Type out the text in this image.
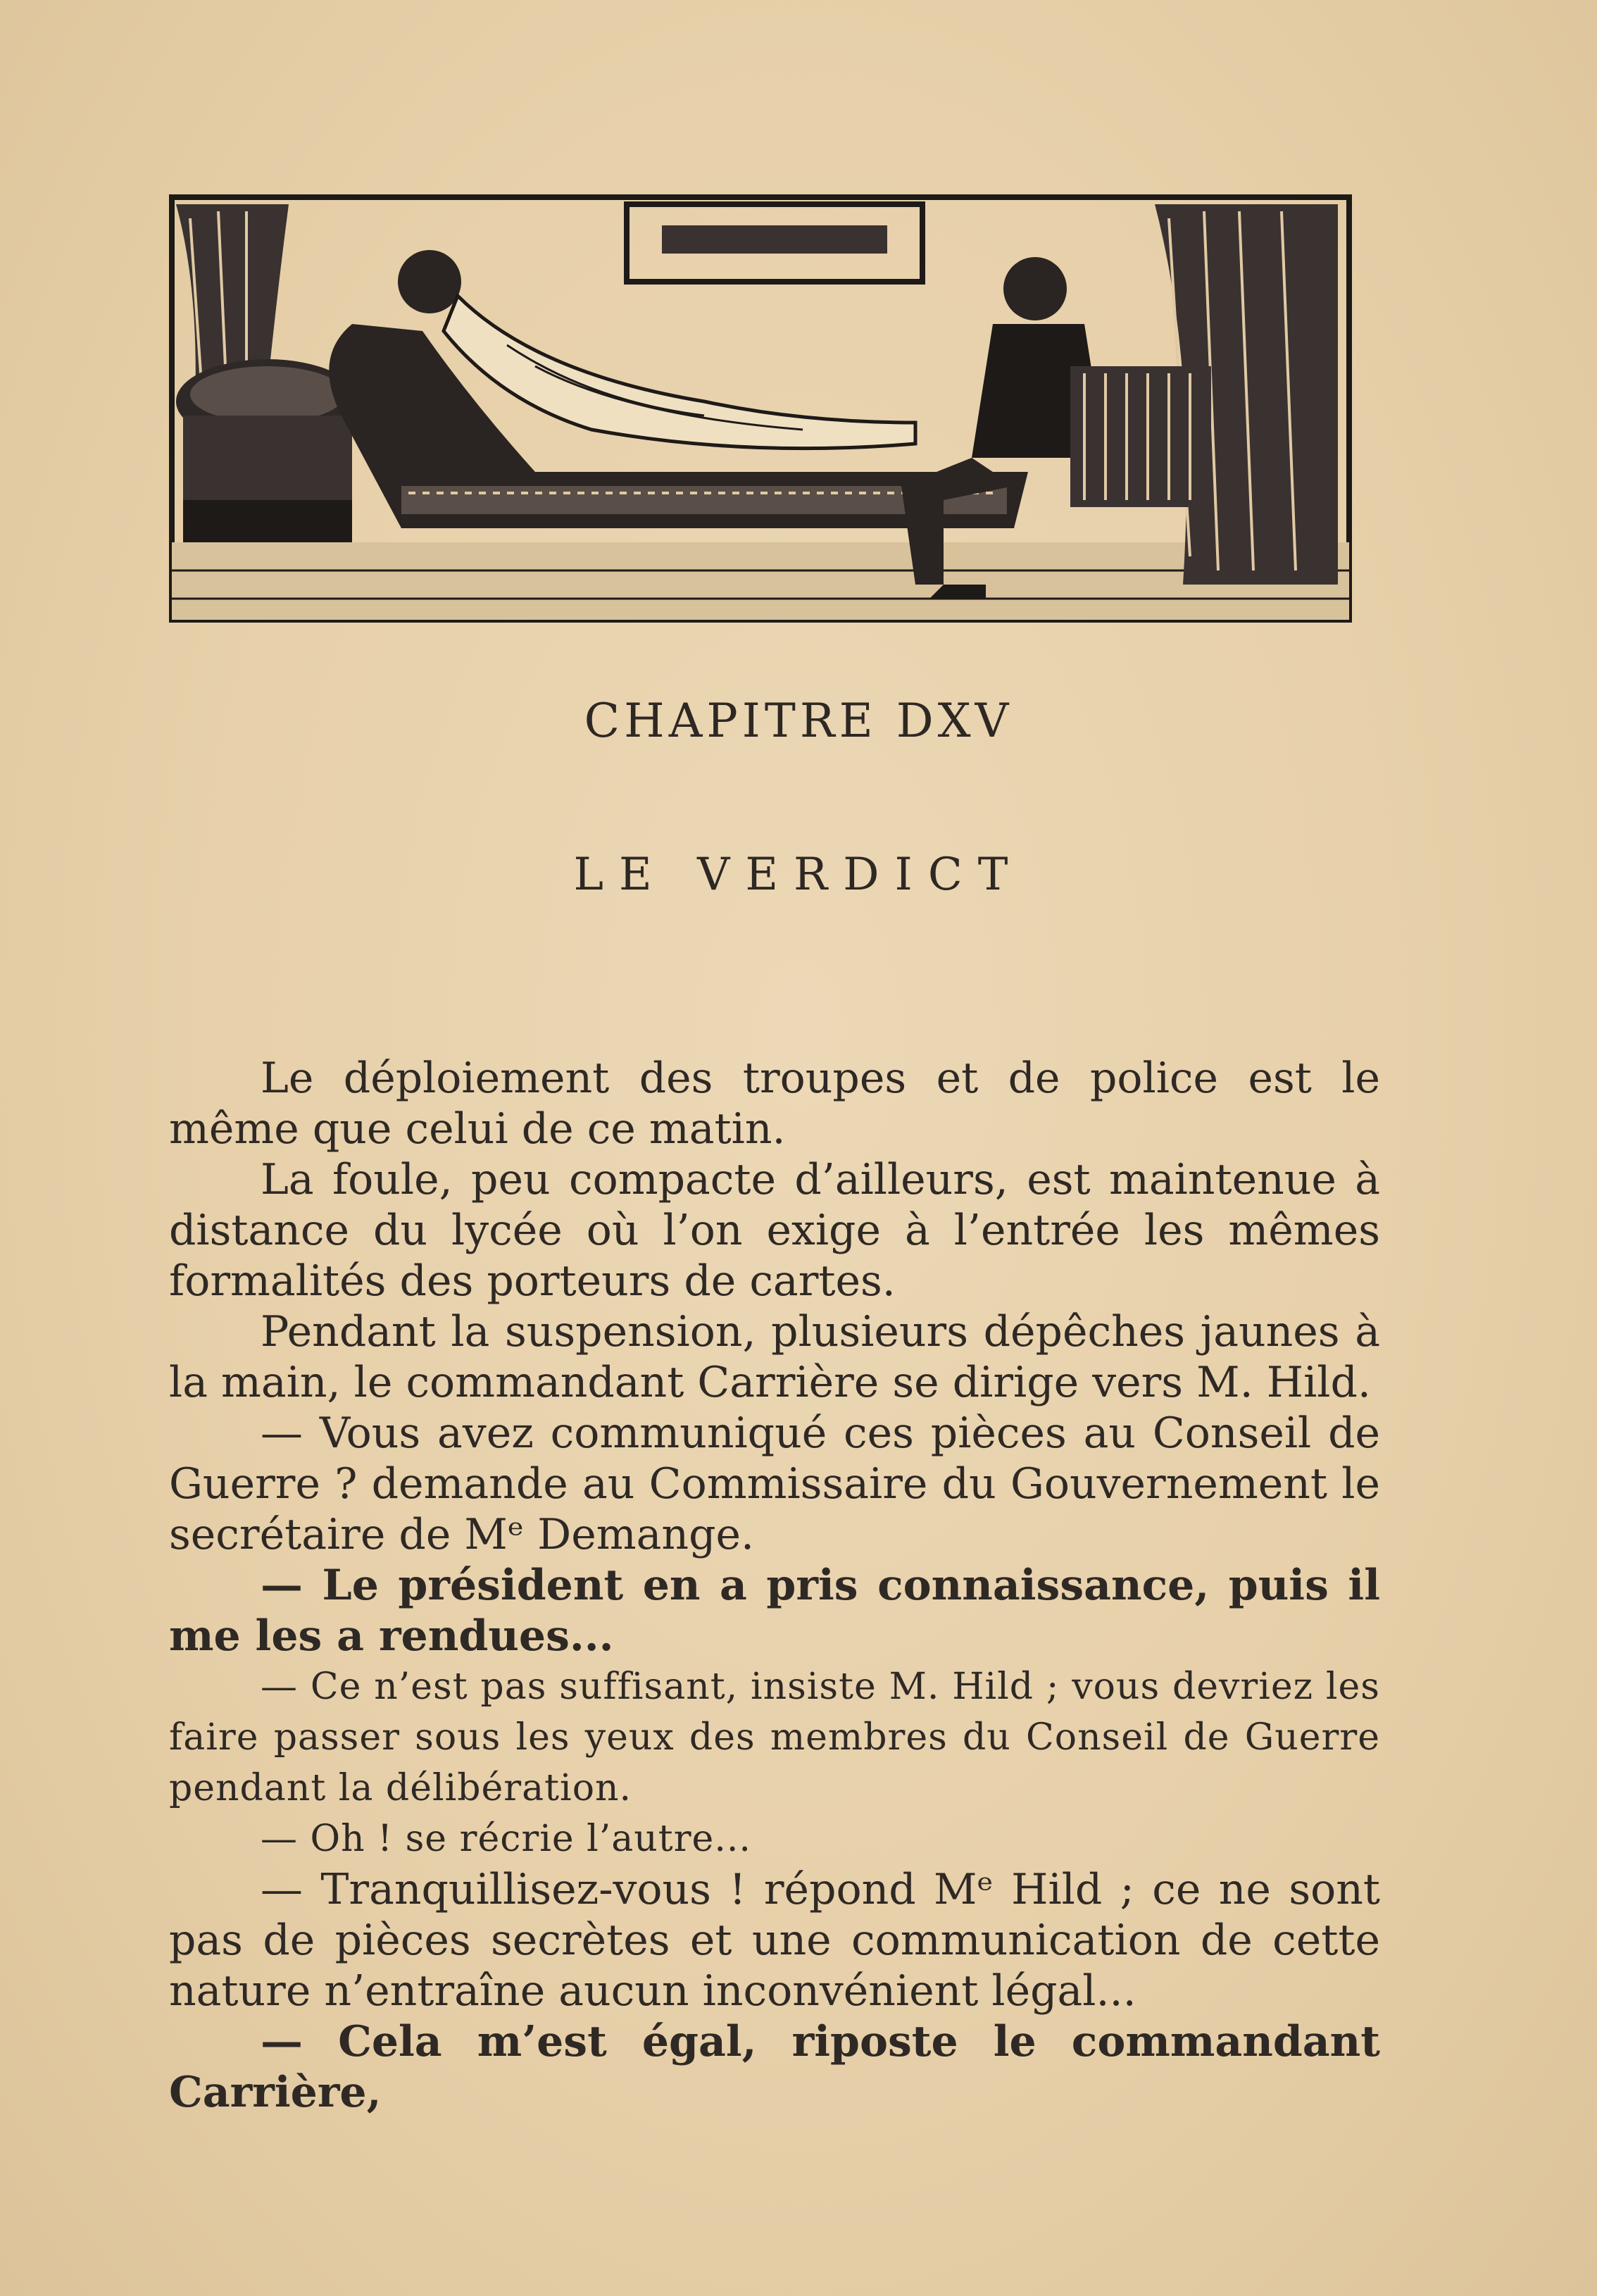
CHAPITRE DXV
LE VERDICT

Le déploiement des troupes et de police est le même que celui de ce matin.

La foule, peu compacte d’ailleurs, est maintenue à distance du lycée où l’on exige à l’entrée les mêmes formalités des porteurs de cartes.

Pendant la suspension, plusieurs dépêches jaunes à la main, le commandant Carrière se dirige vers M. Hild.

— Vous avez communiqué ces pièces au Conseil de Guerre ? demande au Commissaire du Gouvernement le secrétaire de Mᵉ Demange.

— Le président en a pris connaissance, puis il me les a rendues...

— Ce n’est pas suffisant, insiste M. Hild ; vous devriez les faire passer sous les yeux des membres du Conseil de Guerre pendant la délibération.

— Oh ! se récrie l’autre...

— Tranquillisez-vous ! répond Mᵉ Hild ; ce ne sont pas de pièces secrètes et une communication de cette nature n’entraîne aucun inconvénient légal...

— Cela m’est égal, riposte le commandant Carrière,
